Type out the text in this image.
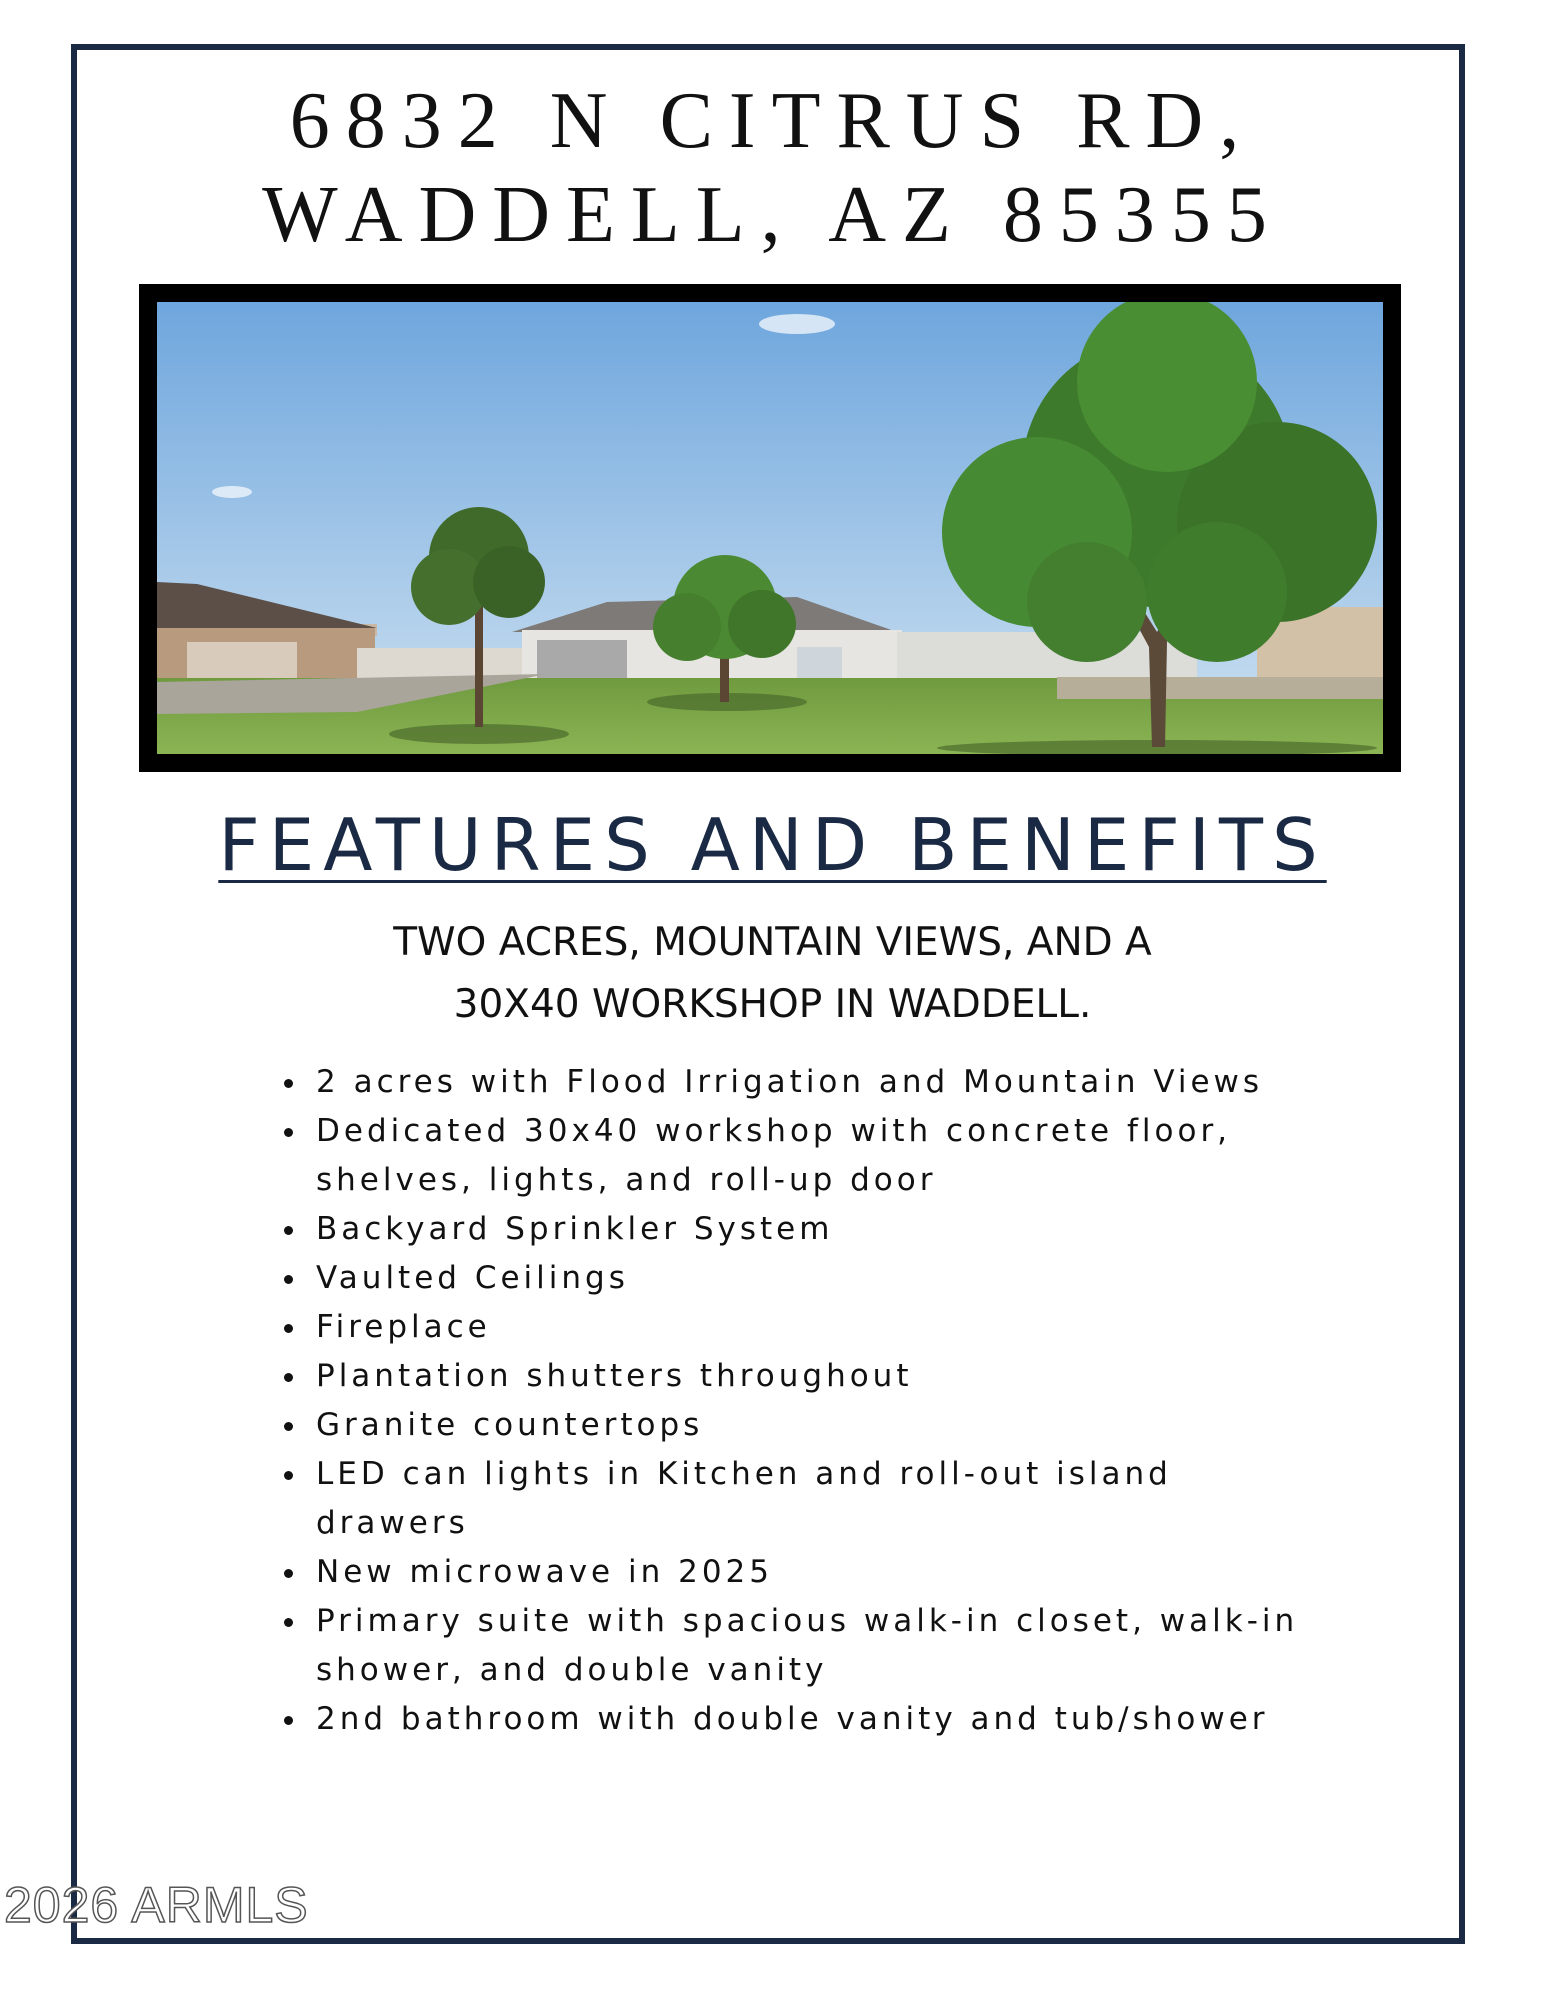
6832 N CITRUS RD,
WADDELL, AZ 85355
FEATURES AND BENEFITS
TWO ACRES, MOUNTAIN VIEWS, AND A
30X40 WORKSHOP IN WADDELL.
2 acres with Flood Irrigation and Mountain Views
Dedicated 30x40 workshop with concrete floor, shelves, lights, and roll-up door
Backyard Sprinkler System
Vaulted Ceilings
Fireplace
Plantation shutters throughout
Granite countertops
LED can lights in Kitchen and roll-out island drawers
New microwave in 2025
Primary suite with spacious walk-in closet, walk-in shower, and double vanity
2nd bathroom with double vanity and tub/shower
2026 ARMLS
